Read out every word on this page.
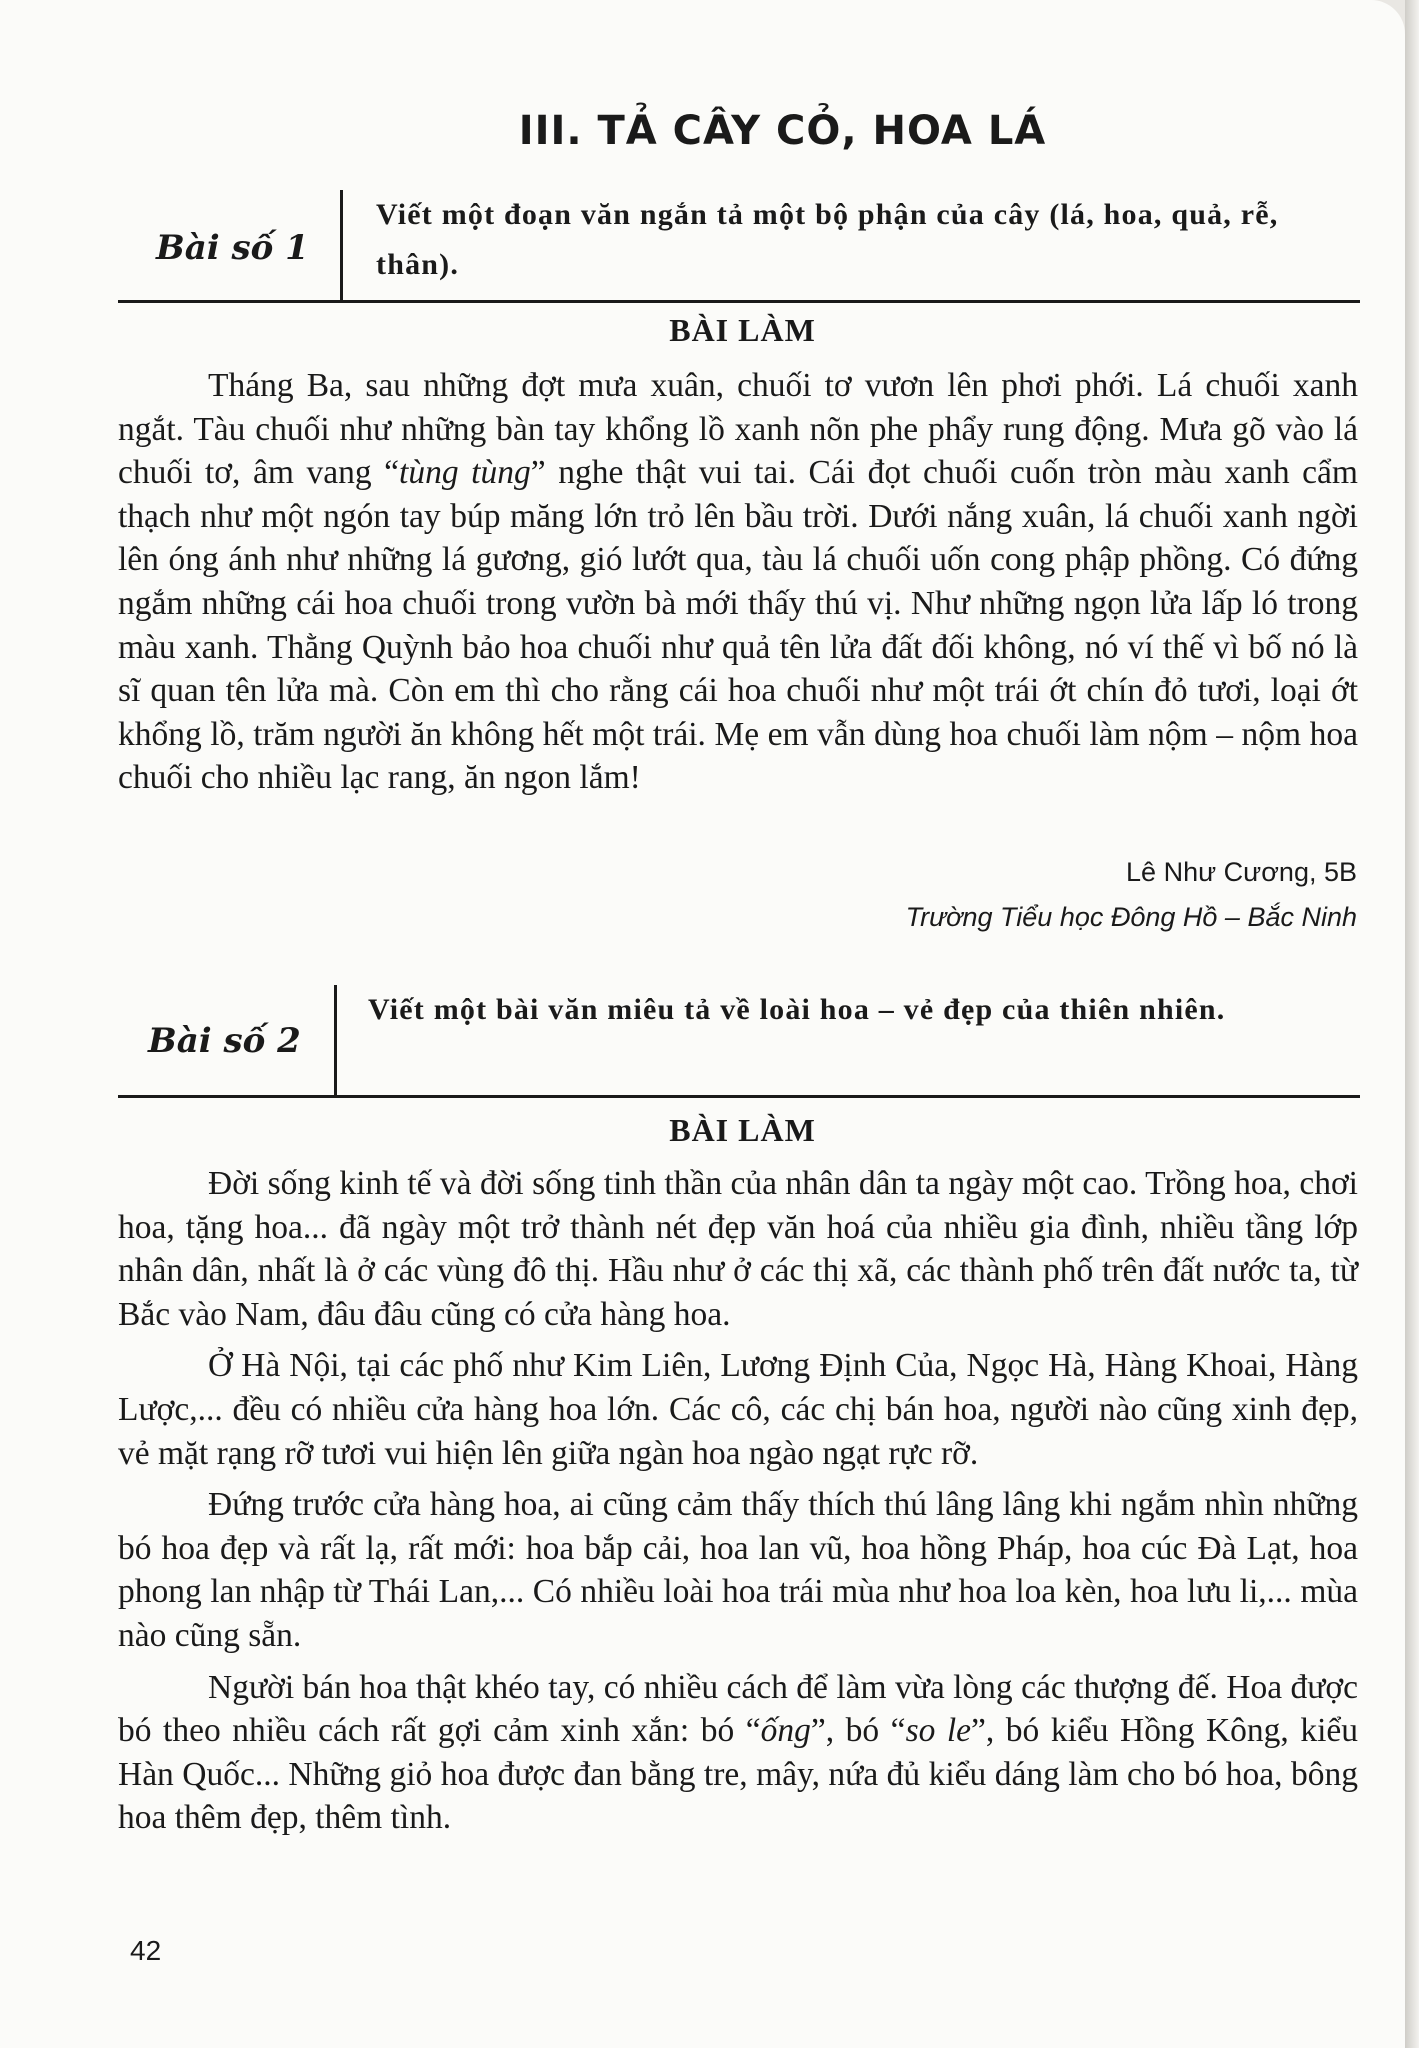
III. TẢ CÂY CỎ, HOA LÁ
Bài số 1
Viết một đoạn văn ngắn tả một bộ phận của cây (lá, hoa, quả, rễ, thân).
BÀI LÀM

Tháng Ba, sau những đợt mưa xuân, chuối tơ vươn lên phơi phới. Lá chuối xanh ngắt. Tàu chuối như những bàn tay khổng lồ xanh nõn phe phẩy rung động. Mưa gõ vào lá chuối tơ, âm vang “tùng tùng” nghe thật vui tai. Cái đọt chuối cuốn tròn màu xanh cẩm thạch như một ngón tay búp măng lớn trỏ lên bầu trời. Dưới nắng xuân, lá chuối xanh ngời lên óng ánh như những lá gương, gió lướt qua, tàu lá chuối uốn cong phập phồng. Có đứng ngắm những cái hoa chuối trong vườn bà mới thấy thú vị. Như những ngọn lửa lấp ló trong màu xanh. Thằng Quỳnh bảo hoa chuối như quả tên lửa đất đối không, nó ví thế vì bố nó là sĩ quan tên lửa mà. Còn em thì cho rằng cái hoa chuối như một trái ớt chín đỏ tươi, loại ớt khổng lồ, trăm người ăn không hết một trái. Mẹ em vẫn dùng hoa chuối làm nộm – nộm hoa chuối cho nhiều lạc rang, ăn ngon lắm!

Lê Như Cương, 5B
Trường Tiểu học Đông Hồ – Bắc Ninh
Bài số 2
Viết một bài văn miêu tả về loài hoa – vẻ đẹp của thiên nhiên.
BÀI LÀM

Đời sống kinh tế và đời sống tinh thần của nhân dân ta ngày một cao. Trồng hoa, chơi hoa, tặng hoa... đã ngày một trở thành nét đẹp văn hoá của nhiều gia đình, nhiều tầng lớp nhân dân, nhất là ở các vùng đô thị. Hầu như ở các thị xã, các thành phố trên đất nước ta, từ Bắc vào Nam, đâu đâu cũng có cửa hàng hoa.

Ở Hà Nội, tại các phố như Kim Liên, Lương Định Của, Ngọc Hà, Hàng Khoai, Hàng Lược,... đều có nhiều cửa hàng hoa lớn. Các cô, các chị bán hoa, người nào cũng xinh đẹp, vẻ mặt rạng rỡ tươi vui hiện lên giữa ngàn hoa ngào ngạt rực rỡ.

Đứng trước cửa hàng hoa, ai cũng cảm thấy thích thú lâng lâng khi ngắm nhìn những bó hoa đẹp và rất lạ, rất mới: hoa bắp cải, hoa lan vũ, hoa hồng Pháp, hoa cúc Đà Lạt, hoa phong lan nhập từ Thái Lan,... Có nhiều loài hoa trái mùa như hoa loa kèn, hoa lưu li,... mùa nào cũng sẵn.

Người bán hoa thật khéo tay, có nhiều cách để làm vừa lòng các thượng đế. Hoa được bó theo nhiều cách rất gợi cảm xinh xắn: bó “ống”, bó “so le”, bó kiểu Hồng Kông, kiểu Hàn Quốc... Những giỏ hoa được đan bằng tre, mây, nứa đủ kiểu dáng làm cho bó hoa, bông hoa thêm đẹp, thêm tình.

42
